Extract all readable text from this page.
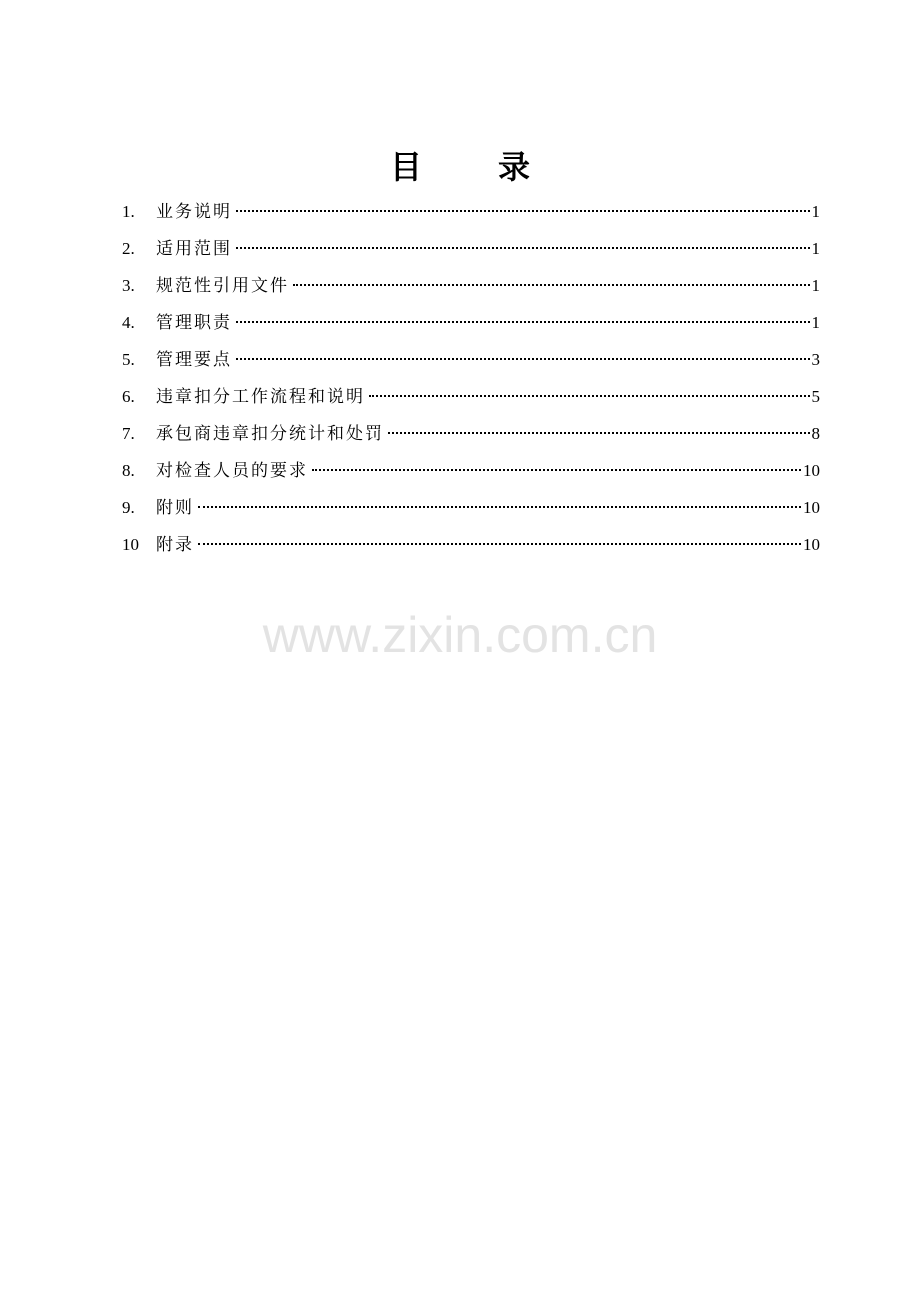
目 录
1.	业务说明	1
2.	适用范围	1
3.	规范性引用文件	1
4.	管理职责	1
5.	管理要点	3
6.	违章扣分工作流程和说明	5
7.	承包商违章扣分统计和处罚	8
8.	对检查人员的要求	10
9.	附则	10
10	附录	10
www.zixin.com.cn
